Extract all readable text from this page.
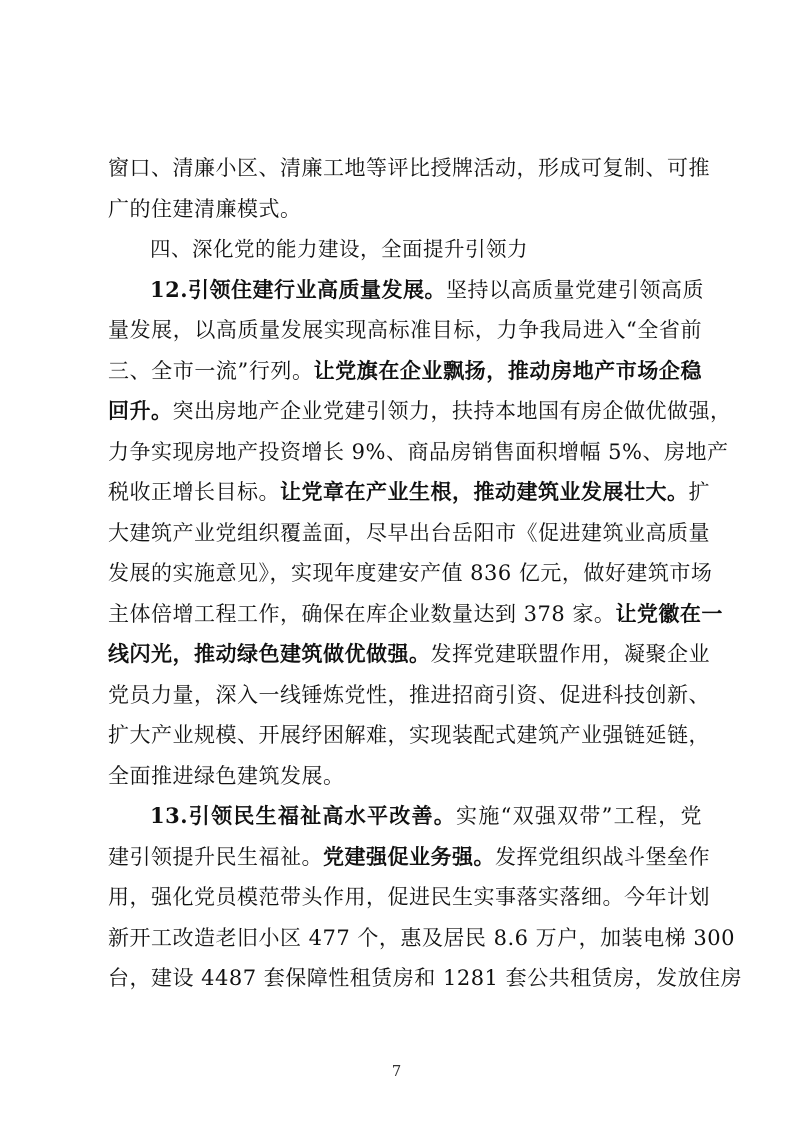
窗口、清廉小区、清廉工地等评比授牌活动，形成可复制、可推
广的住建清廉模式。
四、深化党的能力建设，全面提升引领力
12.引领住建行业高质量发展。坚持以高质量党建引领高质
量发展，以高质量发展实现高标准目标，力争我局进入“全省前
三、全市一流”行列。让党旗在企业飘扬，推动房地产市场企稳
回升。突出房地产企业党建引领力，扶持本地国有房企做优做强，
力争实现房地产投资增长 9%、商品房销售面积增幅 5%、房地产
税收正增长目标。让党章在产业生根，推动建筑业发展壮大。扩
大建筑产业党组织覆盖面，尽早出台岳阳市《促进建筑业高质量
发展的实施意见》，实现年度建安产值 836 亿元，做好建筑市场
主体倍增工程工作，确保在库企业数量达到 378 家。让党徽在一
线闪光，推动绿色建筑做优做强。发挥党建联盟作用，凝聚企业
党员力量，深入一线锤炼党性，推进招商引资、促进科技创新、
扩大产业规模、开展纾困解难，实现装配式建筑产业强链延链，
全面推进绿色建筑发展。
13.引领民生福祉高水平改善。实施“双强双带”工程，党
建引领提升民生福祉。党建强促业务强。发挥党组织战斗堡垒作
用，强化党员模范带头作用，促进民生实事落实落细。今年计划
新开工改造老旧小区 477 个，惠及居民 8.6 万户，加装电梯 300
台，建设 4487 套保障性租赁房和 1281 套公共租赁房，发放住房
7
